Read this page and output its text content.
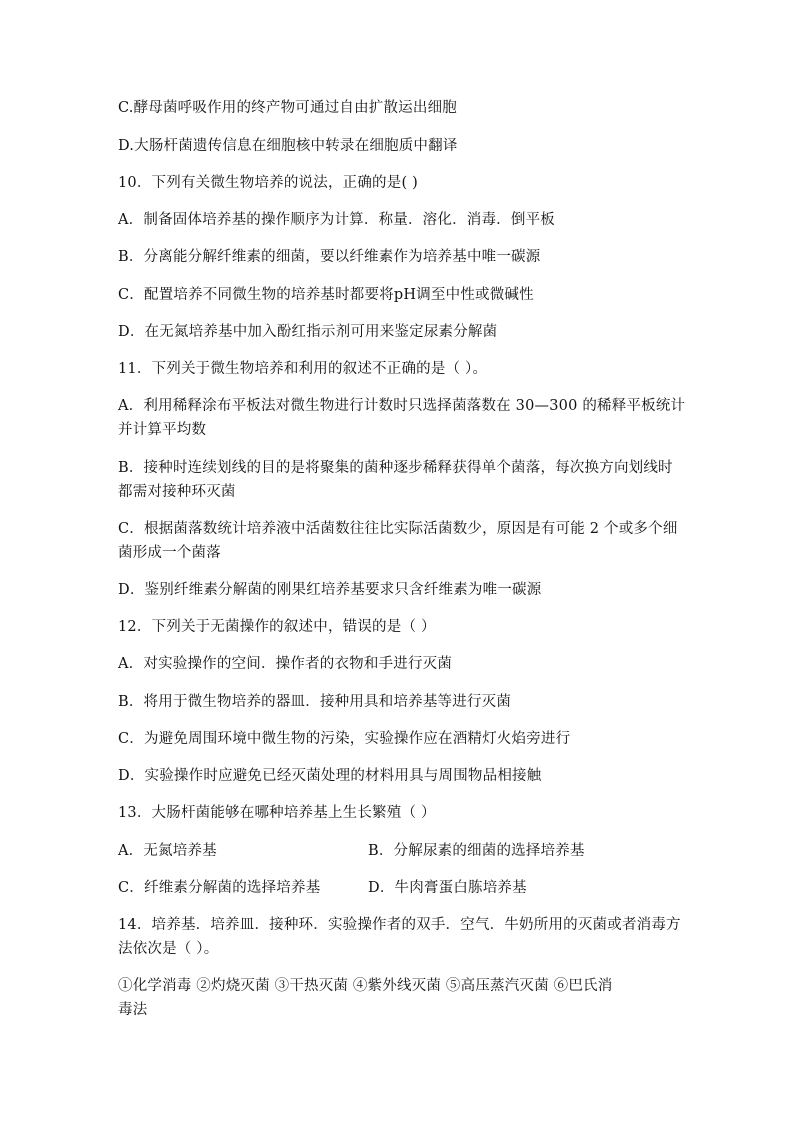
C.酵母菌呼吸作用的终产物可通过自由扩散运出细胞
D.大肠杆菌遗传信息在细胞核中转录在细胞质中翻译
10．下列有关微生物培养的说法，正确的是( )
A．制备固体培养基的操作顺序为计算．称量．溶化．消毒．倒平板
B．分离能分解纤维素的细菌，要以纤维素作为培养基中唯一碳源
C．配置培养不同微生物的培养基时都要将pH调至中性或微碱性
D．在无氮培养基中加入酚红指示剂可用来鉴定尿素分解菌
11．下列关于微生物培养和利用的叙述不正确的是（ ）。
A．利用稀释涂布平板法对微生物进行计数时只选择菌落数在 30—300 的稀释平板统计
并计算平均数
B．接种时连续划线的目的是将聚集的菌种逐步稀释获得单个菌落，每次换方向划线时
都需对接种环灭菌
C．根据菌落数统计培养液中活菌数往往比实际活菌数少，原因是有可能 2 个或多个细
菌形成一个菌落
D．鉴别纤维素分解菌的刚果红培养基要求只含纤维素为唯一碳源
12．下列关于无菌操作的叙述中，错误的是（ ）
A．对实验操作的空间．操作者的衣物和手进行灭菌
B．将用于微生物培养的器皿．接种用具和培养基等进行灭菌
C．为避免周围环境中微生物的污染，实验操作应在酒精灯火焰旁进行
D．实验操作时应避免已经灭菌处理的材料用具与周围物品相接触
13．大肠杆菌能够在哪种培养基上生长繁殖（ ）
A．无氮培养基	B．分解尿素的细菌的选择培养基
C．纤维素分解菌的选择培养基	D．牛肉膏蛋白胨培养基
14．培养基．培养皿．接种环．实验操作者的双手．空气．牛奶所用的灭菌或者消毒方
法依次是（ ）。
①化学消毒 ②灼烧灭菌 ③干热灭菌 ④紫外线灭菌 ⑤高压蒸汽灭菌 ⑥巴氏消
毒法
